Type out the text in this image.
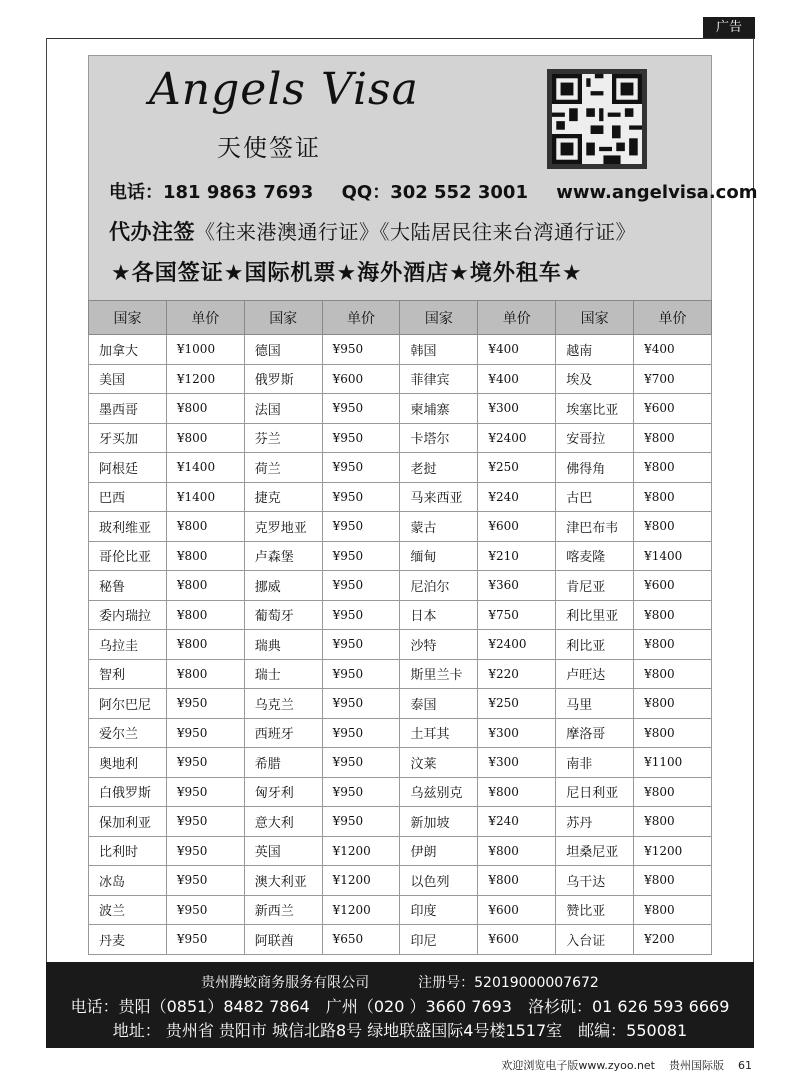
广告
Angels Visa
天使签证
电话：181 9863 7693 QQ：302 552 3001 www.angelvisa.com
代办注签《往来港澳通行证》《大陆居民往来台湾通行证》
★各国签证★国际机票★海外酒店★境外租车★
国家	单价	国家	单价	国家	单价	国家	单价
加拿大	¥1000	德国	¥950	韩国	¥400	越南	¥400
美国	¥1200	俄罗斯	¥600	菲律宾	¥400	埃及	¥700
墨西哥	¥800	法国	¥950	柬埔寨	¥300	埃塞比亚	¥600
牙买加	¥800	芬兰	¥950	卡塔尔	¥2400	安哥拉	¥800
阿根廷	¥1400	荷兰	¥950	老挝	¥250	佛得角	¥800
巴西	¥1400	捷克	¥950	马来西亚	¥240	古巴	¥800
玻利维亚	¥800	克罗地亚	¥950	蒙古	¥600	津巴布韦	¥800
哥伦比亚	¥800	卢森堡	¥950	缅甸	¥210	喀麦隆	¥1400
秘鲁	¥800	挪威	¥950	尼泊尔	¥360	肯尼亚	¥600
委内瑞拉	¥800	葡萄牙	¥950	日本	¥750	利比里亚	¥800
乌拉圭	¥800	瑞典	¥950	沙特	¥2400	利比亚	¥800
智利	¥800	瑞士	¥950	斯里兰卡	¥220	卢旺达	¥800
阿尔巴尼	¥950	乌克兰	¥950	泰国	¥250	马里	¥800
爱尔兰	¥950	西班牙	¥950	土耳其	¥300	摩洛哥	¥800
奥地利	¥950	希腊	¥950	汶莱	¥300	南非	¥1100
白俄罗斯	¥950	匈牙利	¥950	乌兹别克	¥800	尼日利亚	¥800
保加利亚	¥950	意大利	¥950	新加坡	¥240	苏丹	¥800
比利时	¥950	英国	¥1200	伊朗	¥800	坦桑尼亚	¥1200
冰岛	¥950	澳大利亚	¥1200	以色列	¥800	乌干达	¥800
波兰	¥950	新西兰	¥1200	印度	¥600	赞比亚	¥800
丹麦	¥950	阿联酋	¥650	印尼	¥600	入台证	¥200
贵州腾蛟商务服务有限公司	注册号：52019000007672
电话：贵阳（0851）8482 7864　广州（020 ）3660 7693　洛杉矶：01 626 593 6669
地址： 贵州省 贵阳市 城信北路8号 绿地联盛国际4号楼1517室　邮编：550081
欢迎浏览电子版www.zyoo.net 贵州国际版 61
